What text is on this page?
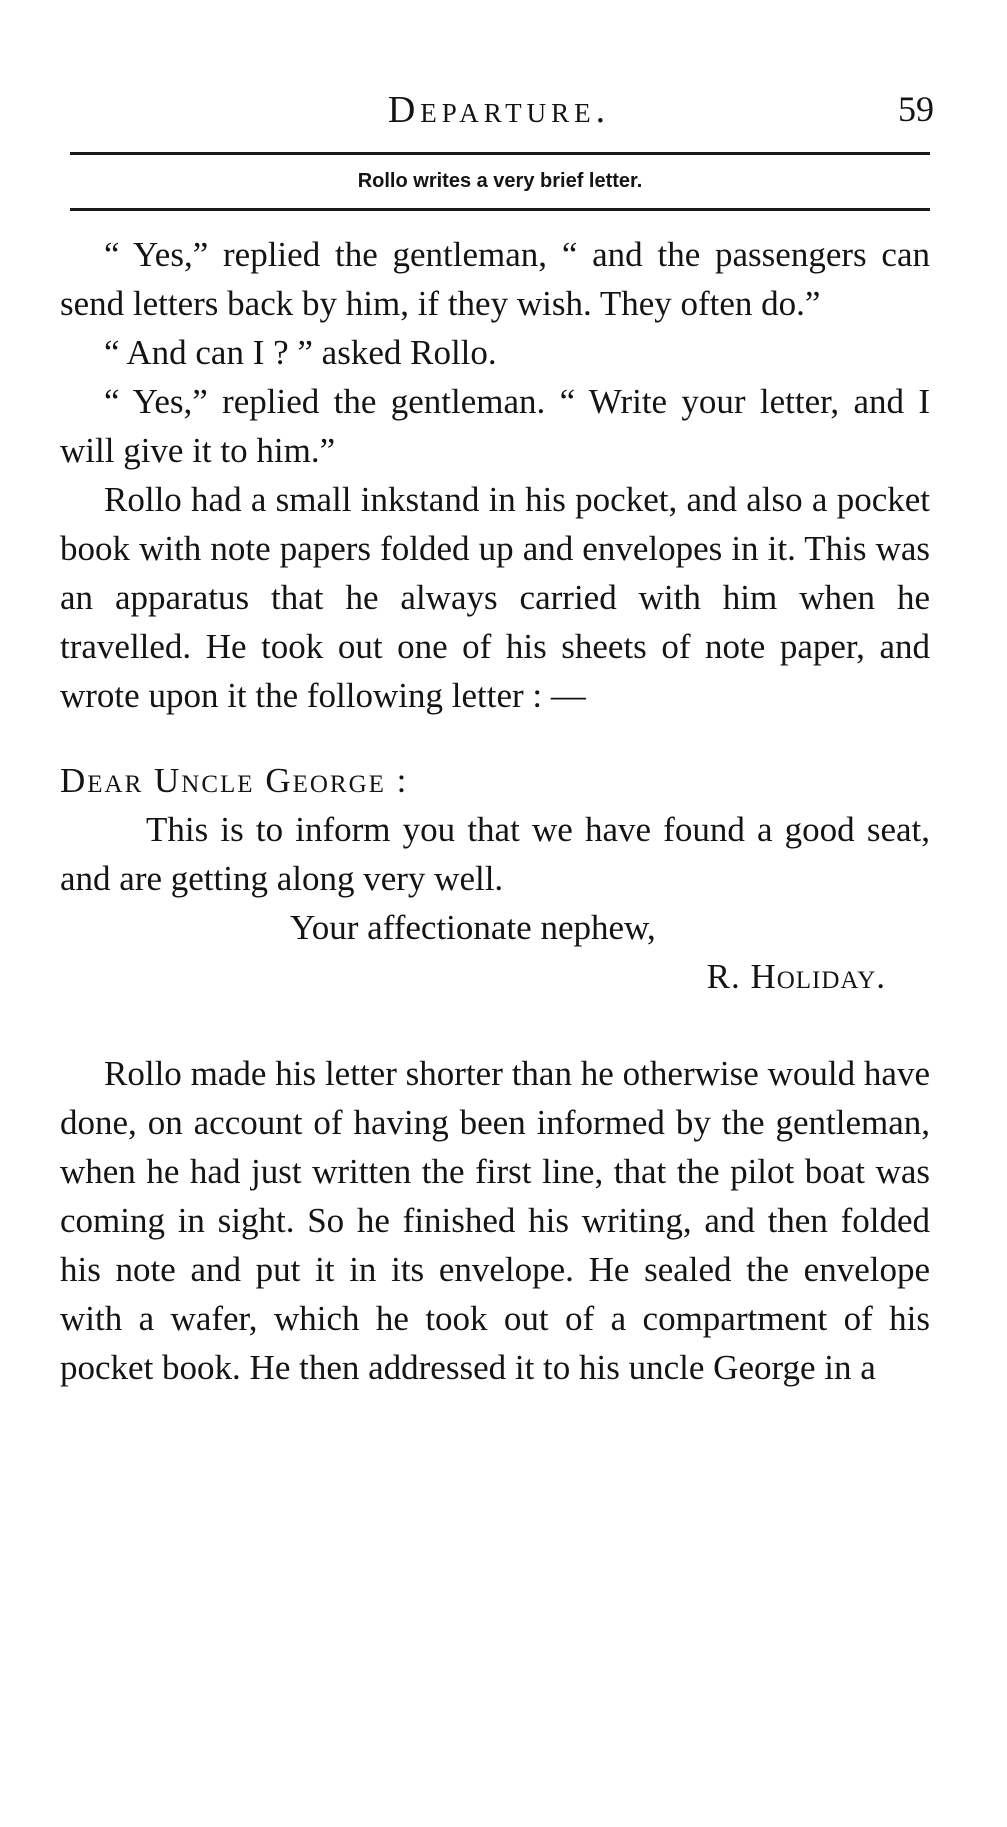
Departure.	59
Rollo writes a very brief letter.

“ Yes,” replied the gentleman, “ and the passengers can send letters back by him, if they wish. They often do.”

“ And can I ? ” asked Rollo.

“ Yes,” replied the gentleman. “ Write your letter, and I will give it to him.”

Rollo had a small inkstand in his pocket, and also a pocket book with note papers folded up and envelopes in it. This was an apparatus that he always carried with him when he travelled. He took out one of his sheets of note paper, and wrote upon it the following letter : —

Dear Uncle George :

This is to inform you that we have found a good seat, and are getting along very well.

Your affectionate nephew,

R. Holiday.

Rollo made his letter shorter than he otherwise would have done, on account of having been informed by the gentleman, when he had just written the first line, that the pilot boat was coming in sight. So he finished his writing, and then folded his note and put it in its envelope. He sealed the envelope with a wafer, which he took out of a compartment of his pocket book. He then addressed it to his uncle George in a
